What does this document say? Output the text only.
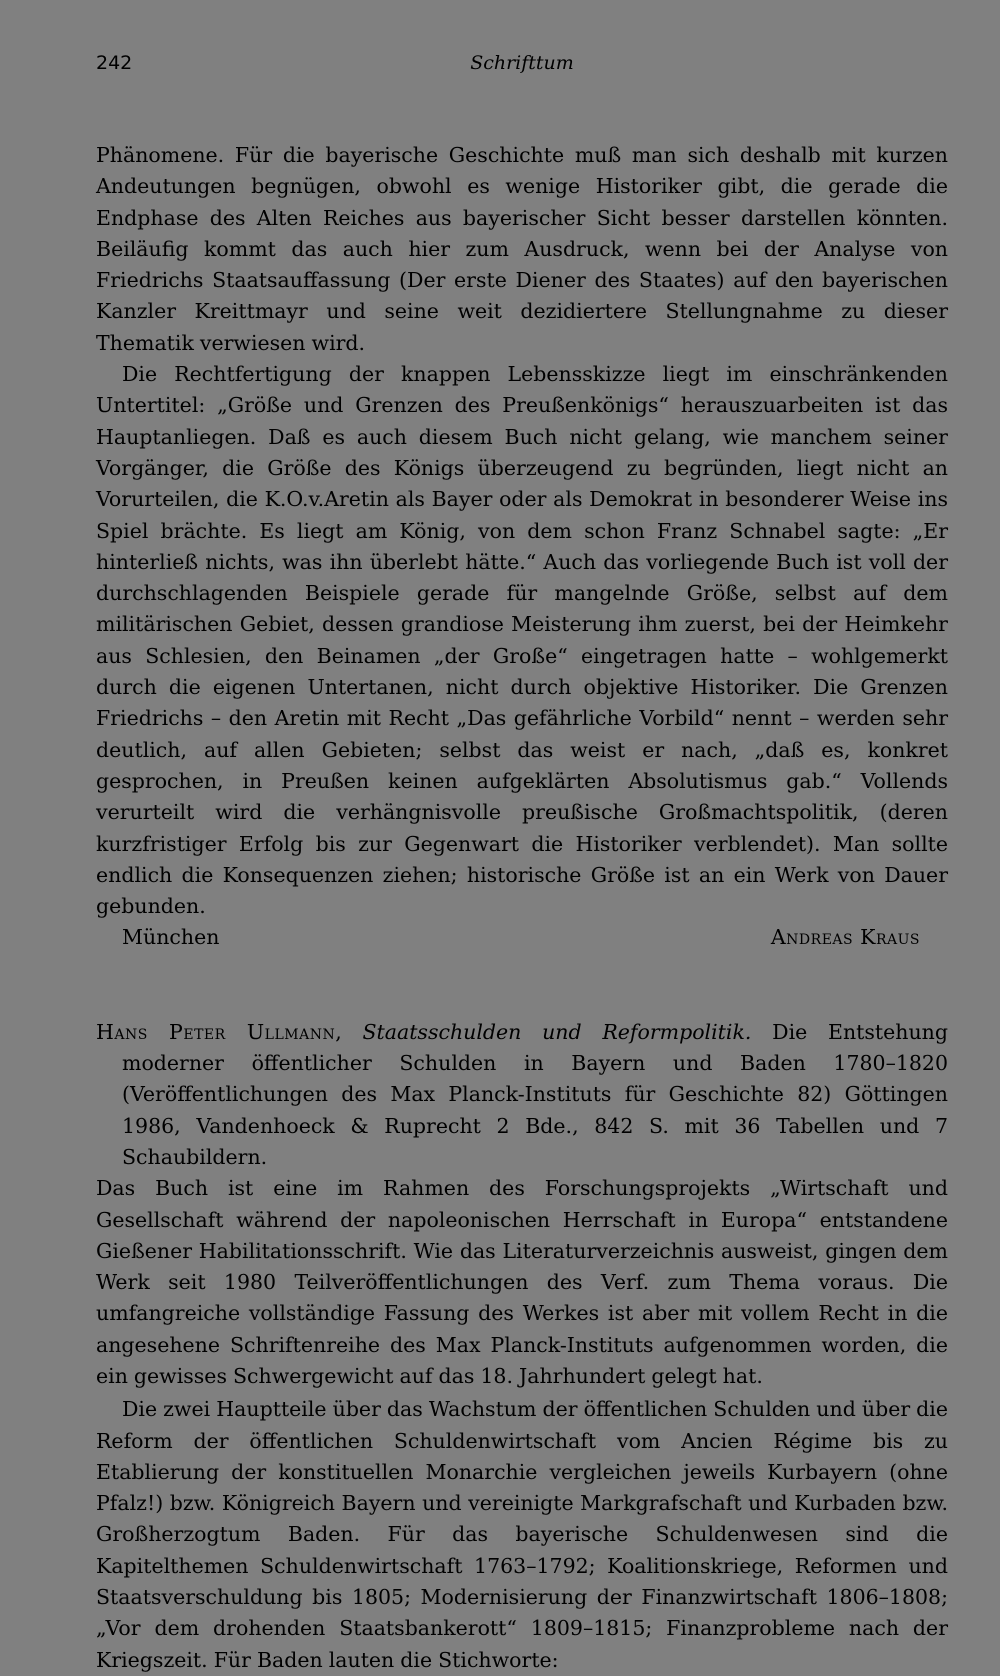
242	Schrifttum

Phänomene. Für die bayerische Geschichte muß man sich deshalb mit kurzen Andeutungen begnügen, obwohl es wenige Historiker gibt, die gerade die Endphase des Alten Reiches aus bayerischer Sicht besser darstellen könnten. Beiläufig kommt das auch hier zum Ausdruck, wenn bei der Analyse von Friedrichs Staatsauffassung (Der erste Diener des Staates) auf den bayerischen Kanzler Kreittmayr und seine weit dezidiertere Stellungnahme zu dieser Thematik verwiesen wird.

Die Rechtfertigung der knappen Lebensskizze liegt im einschränkenden Untertitel: „Größe und Grenzen des Preußenkönigs“ herauszuarbeiten ist das Hauptanliegen. Daß es auch diesem Buch nicht gelang, wie manchem seiner Vorgänger, die Größe des Königs überzeugend zu begründen, liegt nicht an Vorurteilen, die K.O.v.Aretin als Bayer oder als Demokrat in besonderer Weise ins Spiel brächte. Es liegt am König, von dem schon Franz Schnabel sagte: „Er hinterließ nichts, was ihn überlebt hätte.“ Auch das vorliegende Buch ist voll der durchschlagenden Beispiele gerade für mangelnde Größe, selbst auf dem militärischen Gebiet, dessen grandiose Meisterung ihm zuerst, bei der Heimkehr aus Schlesien, den Beinamen „der Große“ eingetragen hatte – wohlgemerkt durch die eigenen Untertanen, nicht durch objektive Historiker. Die Grenzen Friedrichs – den Aretin mit Recht „Das gefährliche Vorbild“ nennt – werden sehr deutlich, auf allen Gebieten; selbst das weist er nach, „daß es, konkret gesprochen, in Preußen keinen aufgeklärten Absolutismus gab.“ Vollends verurteilt wird die verhängnisvolle preußische Großmachtspolitik, (deren kurzfristiger Erfolg bis zur Gegenwart die Historiker verblendet). Man sollte endlich die Konsequenzen ziehen; historische Größe ist an ein Werk von Dauer gebunden.

München	Andreas Kraus
Hans Peter Ullmann, Staatsschulden und Reformpolitik. Die Entstehung moderner öffentlicher Schulden in Bayern und Baden 1780–1820 (Veröffentlichungen des Max Planck-Instituts für Geschichte 82) Göttingen 1986, Vandenhoeck & Ruprecht 2 Bde., 842 S. mit 36 Tabellen und 7 Schaubildern.

Das Buch ist eine im Rahmen des Forschungsprojekts „Wirtschaft und Gesellschaft während der napoleonischen Herrschaft in Europa“ entstandene Gießener Habilitationsschrift. Wie das Literaturverzeichnis ausweist, gingen dem Werk seit 1980 Teilveröffentlichungen des Verf. zum Thema voraus. Die umfangreiche vollständige Fassung des Werkes ist aber mit vollem Recht in die angesehene Schriftenreihe des Max Planck-Instituts aufgenommen worden, die ein gewisses Schwergewicht auf das 18. Jahrhundert gelegt hat.

Die zwei Hauptteile über das Wachstum der öffentlichen Schulden und über die Reform der öffentlichen Schuldenwirtschaft vom Ancien Régime bis zu Etablierung der konstituellen Monarchie vergleichen jeweils Kurbayern (ohne Pfalz!) bzw. Königreich Bayern und vereinigte Markgrafschaft und Kurbaden bzw. Großherzogtum Baden. Für das bayerische Schuldenwesen sind die Kapitelthemen Schuldenwirtschaft 1763–1792; Koalitionskriege, Reformen und Staatsverschuldung bis 1805; Modernisierung der Finanzwirtschaft 1806–1808; „Vor dem drohenden Staatsbankerott“ 1809–1815; Finanzprobleme nach der Kriegszeit. Für Baden lauten die Stichworte:
